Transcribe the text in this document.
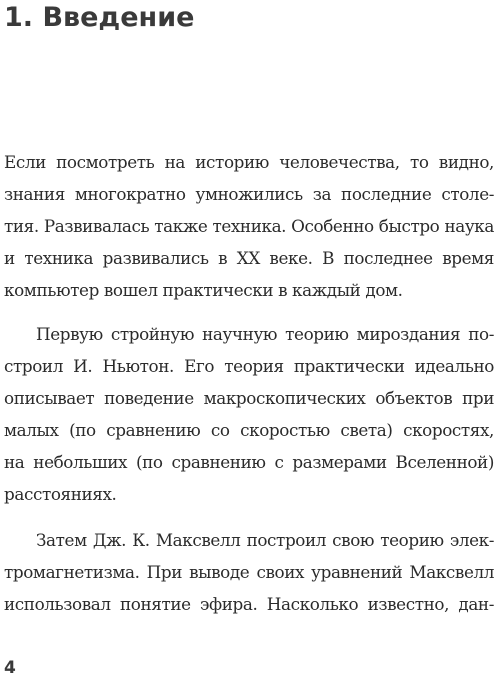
1. Введение
Если посмотреть на историю человечества, то видно,
знания многократно умножились за последние столе-
тия. Развивалась также техника. Особенно быстро наука
и техника развивались в XX веке. В последнее время
компьютер вошел практически в каждый дом.
Первую стройную научную теорию мироздания по-
строил И. Ньютон. Его теория практически идеально
описывает поведение макроскопических объектов при
малых (по сравнению со скоростью света) скоростях,
на небольших (по сравнению с размерами Вселенной)
расстояниях.
Затем Дж. К. Максвелл построил свою теорию элек-
тромагнетизма. При выводе своих уравнений Максвелл
использовал понятие эфира. Насколько известно, дан-
4
